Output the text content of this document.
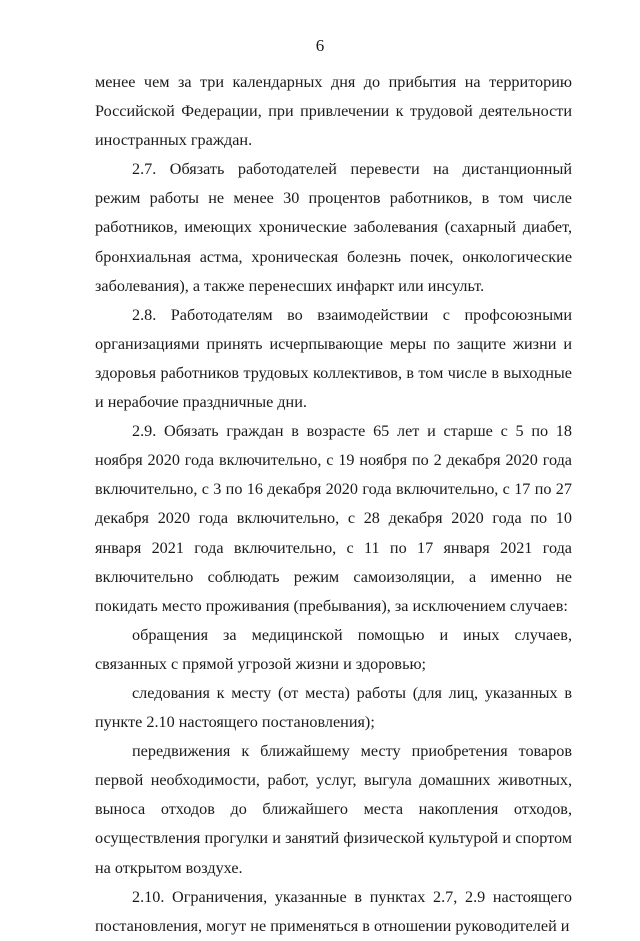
6

менее чем за три календарных дня до прибытия на территорию Российской Федерации, при привлечении к трудовой деятельности иностранных граждан.

2.7. Обязать работодателей перевести на дистанционный режим работы не менее 30 процентов работников, в том числе работников, имеющих хронические заболевания (сахарный диабет, бронхиальная астма, хроническая болезнь почек, онкологические заболевания), а также перенесших инфаркт или инсульт.

2.8. Работодателям во взаимодействии с профсоюзными организациями принять исчерпывающие меры по защите жизни и здоровья работников трудовых коллективов, в том числе в выходные и нерабочие праздничные дни.

2.9. Обязать граждан в возрасте 65 лет и старше с 5 по 18 ноября 2020 года включительно, с 19 ноября по 2 декабря 2020 года включительно, с 3 по 16 декабря 2020 года включительно, с 17 по 27 декабря 2020 года включительно, с 28 декабря 2020 года по 10 января 2021 года включительно, с 11 по 17 января 2021 года включительно соблюдать режим самоизоляции, а именно не покидать место проживания (пребывания), за исключением случаев:

обращения за медицинской помощью и иных случаев, связанных с прямой угрозой жизни и здоровью;

следования к месту (от места) работы (для лиц, указанных в пункте 2.10 настоящего постановления);

передвижения к ближайшему месту приобретения товаров первой необходимости, работ, услуг, выгула домашних животных, выноса отходов до ближайшего места накопления отходов, осуществления прогулки и занятий физической культурой и спортом на открытом воздухе.

2.10. Ограничения, указанные в пунктах 2.7, 2.9 настоящего постановления, могут не применяться в отношении руководителей и
